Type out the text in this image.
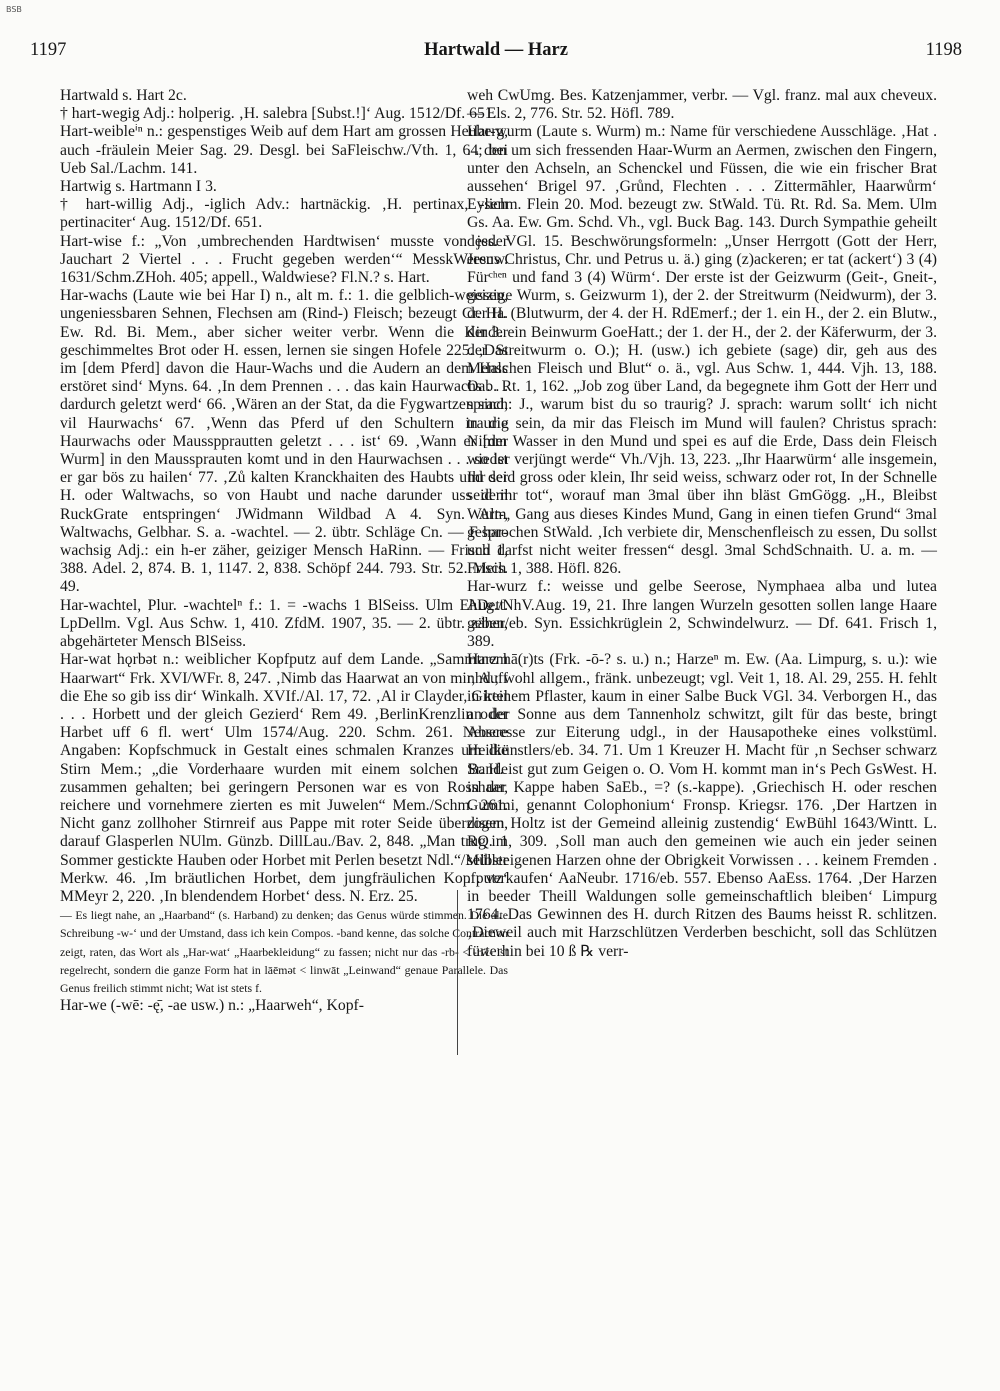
BSB
1197	Hartwald — Harz	1198

Hartwald s. Hart 2c.

† hart-wegig Adj.: holperig. ‚H. salebra [Subst.!]‘ Aug. 1512/Df. 651.

Hart-weibleⁱⁿ n.: gespenstiges Weib auf dem Hart am grossen Heuberg, auch -fräulein Meier Sag. 29. Desgl. bei SaFleischw./Vth. 1, 64; bei Ueb Sal./Lachm. 141.

Hartwig s. Hartmann I 3.

† hart-willig Adj., -iglich Adv.: hartnäckig. ‚H. pertinax, -lich pertinaciter‘ Aug. 1512/Df. 651.

Hart-wise f.: „Von ‚umbrechenden Hardtwisen‘ musste von jeder Jauchart 2 Viertel . . . Frucht gegeben werden‘“ MesskWerenw. 1631/Schm.ZHoh. 405; appell., Waldwiese? Fl.N.? s. Hart.

Har-wachs (Laute wie bei Har I) n., alt m. f.: 1. die gelblich-weissen, ungeniessbaren Sehnen, Flechsen am (Rind-) Fleisch; bezeugt Cr. Ha. Ew. Rd. Bi. Mem., aber sicher weiter verbr. Wenn die Kinder geschimmeltes Brot oder H. essen, lernen sie singen Hofele 225. ‚Das im [dem Pferd] davon die Haur-Wachs und die Audern an dem Hals erstöret sind‘ Myns. 64. ‚In dem Prennen . . . das kain Haurwachs . . . dardurch geletzt werd‘ 66. ‚Wären an der Stat, da die Fygwartzen sind, vil Haurwachs‘ 67. ‚Wenn das Pferd uf den Schultern in die Haurwachs oder Mausspprautten geletzt . . . ist‘ 69. ‚Wann er [der Wurm] in den Maussprauten komt und in den Haurwachsen . . . so ist er gar bös zu hailen‘ 77. ‚Zů kalten Kranckhaiten des Haubts und der H. oder Waltwachs, so von Haubt und nache darunder uss dem RuckGrate entspringen‘ JWidmann Wildbad A 4. Syn. Alt-, Waltwachs, Gelbhar. S. a. -wachtel. — 2. übtr. Schläge Cn. — F har-wachsig Adj.: ein h-er zäher, geiziger Mensch HaRinn. — Frisch 1, 388. Adel. 2, 874. B. 1, 1147. 2, 838. Schöpf 244. 793. Str. 52. Meis. 49.

Har-wachtel, Plur. -wachtelⁿ f.: 1. = -wachs 1 BlSeiss. Ulm EhDett. LpDellm. Vgl. Aus Schw. 1, 410. ZfdM. 1907, 35. — 2. übtr. zäher, abgehärteter Mensch BlSeiss.

Har-wat hǫrbət n.: weiblicher Kopfputz auf dem Lande. „Sammtnem Haarwart“ Frk. XVI/WFr. 8, 247. ‚Nimb das Haarwat an von mir, Auff die Ehe so gib iss dir‘ Winkalh. XVIf./Al. 17, 72. ‚Al ir Clayder, Girtel . . . Horbett und der gleich Gezierd‘ Rem 49. ‚BerlinKrenzlin oder Harbet uff 6 fl. wert‘ Ulm 1574/Aug. 220. Schm. 261. Neuere Angaben: Kopfschmuck in Gestalt eines schmalen Kranzes um die Stirn Mem.; „die Vorderhaare wurden mit einem solchen Bande zusammen gehalten; bei geringern Personen war es von Rosshaar, reichere und vornehmere zierten es mit Juwelen“ Mem./Schm. 261. Nicht ganz zollhoher Stirnreif aus Pappe mit roter Seide überzogen, darauf Glasperlen NUlm. Günzb. DillLau./Bav. 2, 848. „Man trug im Sommer gestickte Hauben oder Horbet mit Perlen besetzt Ndl.“/Müller Merkw. 46. ‚Im bräutlichen Horbet, dem jungfräulichen Kopfputz‘ MMeyr 2, 220. ‚In blendendem Horbet‘ dess. N. Erz. 25.

— Es liegt nahe, an „Haarband“ (s. Harband) zu denken; das Genus würde stimmen. Die alte Schreibung -w-‘ und der Umstand, dass ich kein Compos. -band kenne, das solche Contraction zeigt, raten, das Wort als „Har-wat‘ „Haarbekleidung“ zu fassen; nicht nur das -rb- < -rw- ist regelrecht, sondern die ganze Form hat in lāēmət < linwāt „Leinwand“ genaue Parallele. Das Genus freilich stimmt nicht; Wat ist stets f.

Har-we (-wē: -ę̄, -ae usw.) n.: „Haarweh“, Kopf-

weh CwUmg. Bes. Katzenjammer, verbr. — Vgl. franz. mal aux cheveux. — Els. 2, 776. Str. 52. Höfl. 789.

Har-wurm (Laute s. Wurm) m.: Name für verschiedene Ausschläge. ‚Hat . . . den um sich fressenden Haar-Wurm an Aermen, zwischen den Fingern, unter den Achseln, an Schenckel und Füssen, die wie ein frischer Brat aussehen‘ Brigel 97. ‚Grůnd, Flechten . . . Zittermāhler, Haarwůrm‘ Eysenm. Flein 20. Mod. bezeugt zw. StWald. Tü. Rt. Rd. Sa. Mem. Ulm Gs. Aa. Ew. Gm. Schd. Vh., vgl. Buck Bag. 143. Durch Sympathie geheilt dess. VGl. 15. Beschwörungsformeln: „Unser Herrgott (Gott der Herr, Jesus Christus, Chr. und Petrus u. ä.) ging (z)ackeren; er tat (ackert‘) 3 (4) Fürᶜʰᵉⁿ und fand 3 (4) Würm‘. Der erste ist der Geizwurm (Geit-, Gneit-, geizige Wurm, s. Geizwurm 1), der 2. der Streitwurm (Neidwurm), der 3. der H. (Blutwurm, der 4. der H. RdEmerf.; der 1. ein H., der 2. ein Blutw., der 3. ein Beinwurm GoeHatt.; der 1. der H., der 2. der Käferwurm, der 3. der Streitwurm o. O.); H. (usw.) ich gebiete (sage) dir, geh aus des Menschen Fleisch und Blut“ o. ä., vgl. Aus Schw. 1, 444. Vjh. 13, 188. Oab. Rt. 1, 162. „Job zog über Land, da begegnete ihm Gott der Herr und sprach: J., warum bist du so traurig? J. sprach: warum sollt‘ ich nicht traurig sein, da mir das Fleisch im Mund will faulen? Christus sprach: Nimm Wasser in den Mund und spei es auf die Erde, Dass dein Fleisch wieder verjüngt werde“ Vh./Vjh. 13, 223. „Ihr Haarwürm‘ alle insgemein, Ihr seid gross oder klein, Ihr seid weiss, schwarz oder rot, In der Schnelle seid ihr tot“, worauf man 3mal über ihn bläst GmGögg. „H., Bleibst Wurm, Gang aus dieses Kindes Mund, Gang in einen tiefen Grund“ 3mal gesprochen StWald. ‚Ich verbiete dir, Menschenfleisch zu essen, Du sollst und darfst nicht weiter fressen“ desgl. 3mal SchdSchnaith. U. a. m. — Frisch 1, 388. Höfl. 826.

Har-wurz f.: weisse und gelbe Seerose, Nymphaea alba und lutea Aug./NhV.Aug. 19, 21. Ihre langen Wurzeln gesotten sollen lange Haare geben/eb. Syn. Essichkrüglein 2, Schwindelwurz. — Df. 641. Frisch 1, 389.

Harz hā(r)ts (Frk. -ō-? s. u.) n.; Harzeⁿ m. Ew. (Aa. Limpurg, s. u.): wie nhd.; wohl allgem., fränk. unbezeugt; vgl. Veit 1, 18. Al. 29, 255. H. fehlt in keinem Pflaster, kaum in einer Salbe Buck VGl. 34. Verborgen H., das an der Sonne aus dem Tannenholz schwitzt, gilt für das beste, bringt Abscesse zur Eiterung udgl., in der Hausapotheke eines volkstüml. Heilkünstlers/eb. 34. 71. Um 1 Kreuzer H. Macht für ‚n Sechser schwarz Sr. H. ist gut zum Geigen o. O. Vom H. kommt man in‘s Pech GsWest. H. in der Kappe haben SaEb., =? (s.-kappe). ‚Griechisch H. oder reschen Gummi, genannt Colophonium‘ Fronsp. Kriegsr. 176. ‚Der Hartzen in disem Holtz ist der Gemeind alleinig zustendig‘ EwBühl 1643/Wintt. L. RQ. 1, 309. ‚Soll man auch den gemeinen wie auch ein jeder seinen selbsteigenen Harzen ohne der Obrigkeit Vorwissen . . . keinem Fremden . . . verkaufen‘ AaNeubr. 1716/eb. 557. Ebenso AaEss. 1764. ‚Der Harzen in beeder Theill Waldungen solle gemeinschaftlich bleiben‘ Limpurg 1764. Das Gewinnen des H. durch Ritzen des Baums heisst R. schlitzen. ‚Dieweil auch mit Harzschlützen Verderben beschicht, soll das Schlützen fürterhin bei 10 ß ℞ verr-
